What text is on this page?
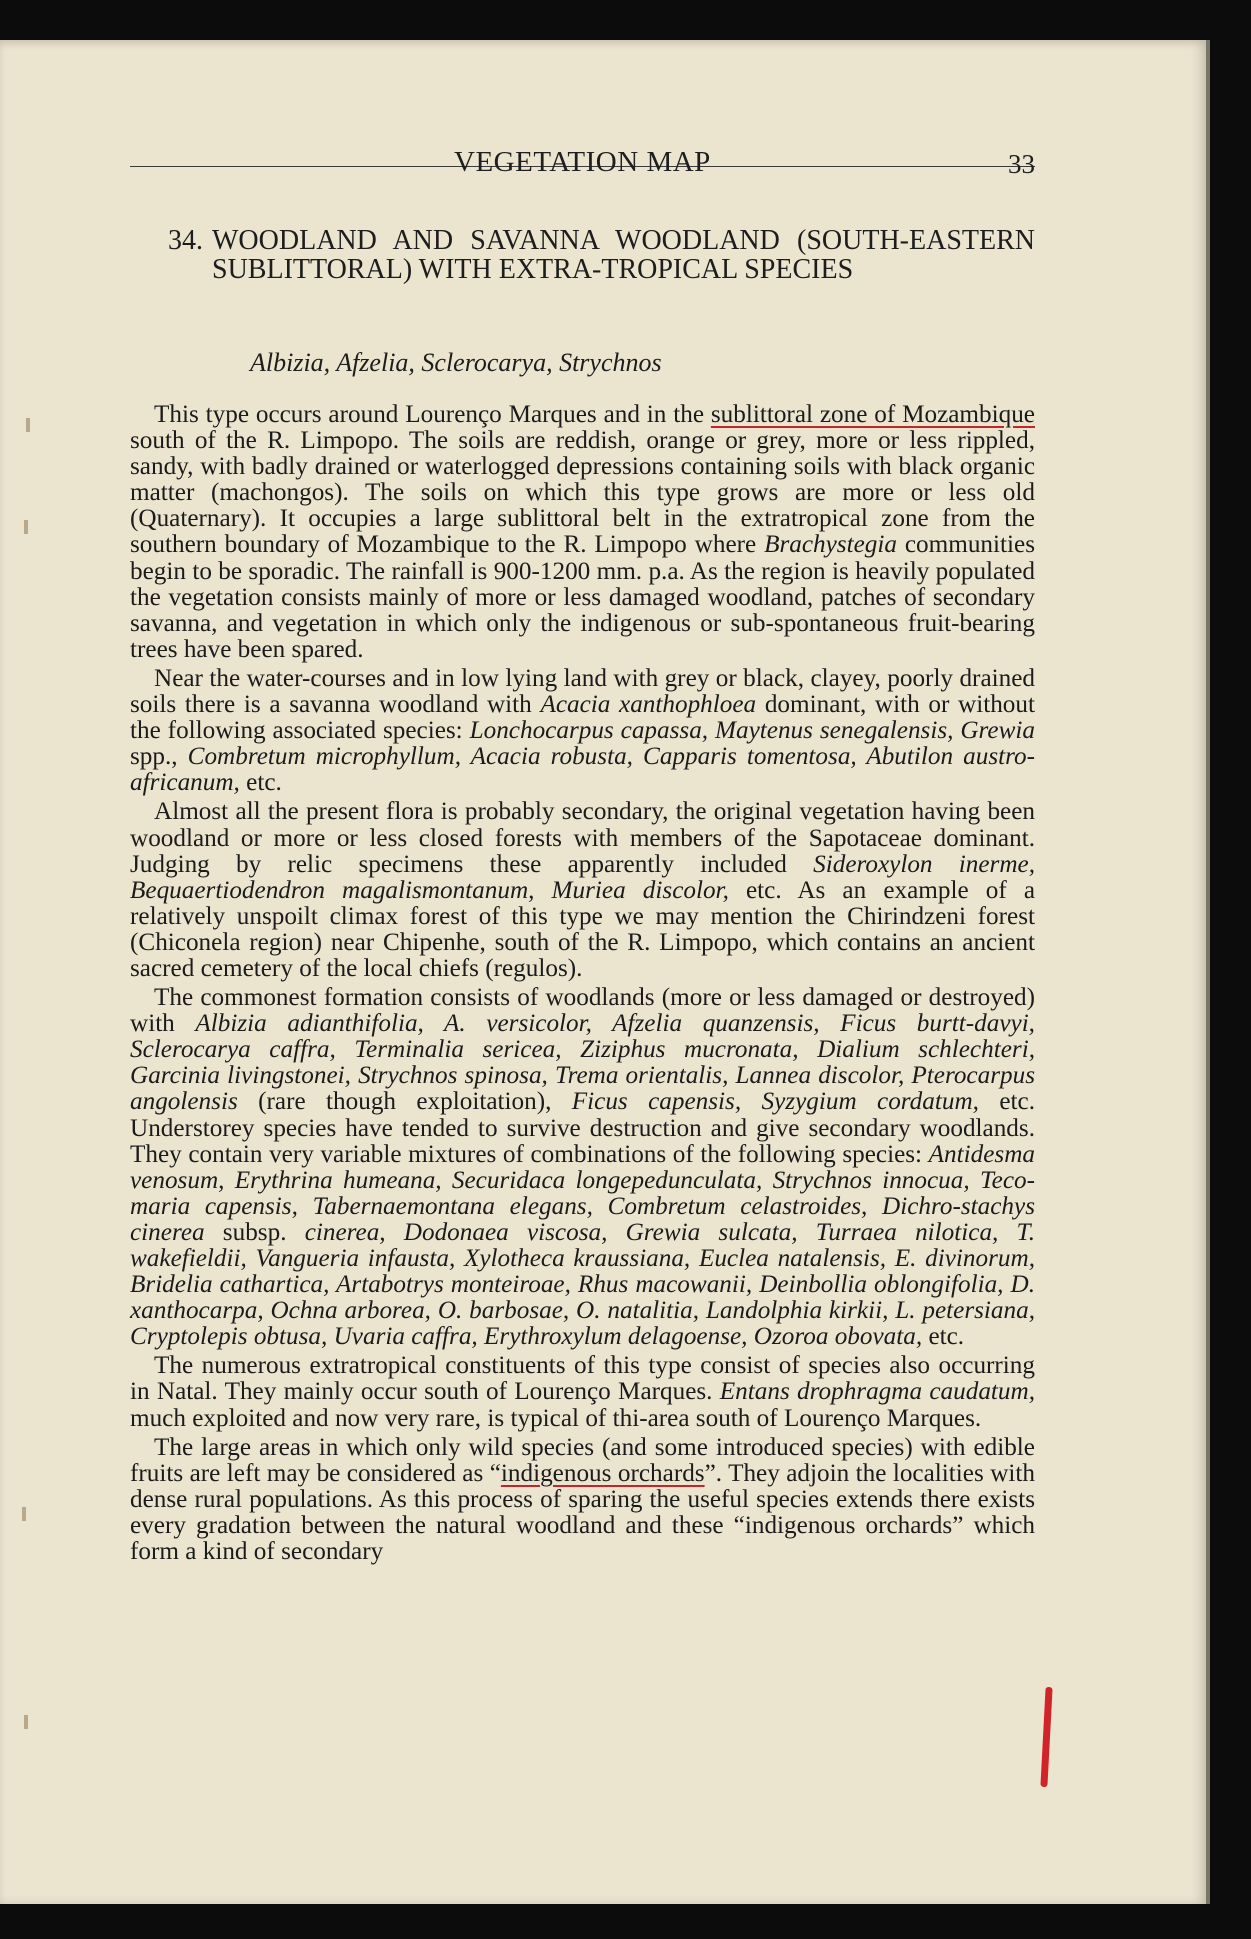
VEGETATION MAP	33
34. WOODLAND AND SAVANNA WOODLAND (SOUTH-EASTERN SUBLITTORAL) WITH EXTRA-TROPICAL SPECIES
Albizia, Afzelia, Sclerocarya, Strychnos

This type occurs around Lourenço Marques and in the sublittoral zone of Mozambique south of the R. Limpopo. The soils are reddish, orange or grey, more or less rippled, sandy, with badly drained or waterlogged depressions containing soils with black organic matter (machongos). The soils on which this type grows are more or less old (Quaternary). It occupies a large sublittoral belt in the extratropical zone from the southern boundary of Mozambique to the R. Limpopo where Brachystegia communities begin to be sporadic. The rainfall is 900-1200 mm. p.a. As the region is heavily populated the vegetation consists mainly of more or less damaged woodland, patches of secondary savanna, and vegetation in which only the indigenous or sub-spontaneous fruit-bearing trees have been spared.

Near the water-courses and in low lying land with grey or black, clayey, poorly drained soils there is a savanna woodland with Acacia xanthophloea dominant, with or without the following associated species: Lonchocarpus capassa, Maytenus senegalensis, Grewia spp., Combretum microphyllum, Acacia robusta, Capparis tomentosa, Abutilon austro-africanum, etc.

Almost all the present flora is probably secondary, the original vegetation having been woodland or more or less closed forests with members of the Sapotaceae dominant. Judging by relic specimens these apparently included Sideroxylon inerme, Bequaertiodendron magalismontanum, Muriea discolor, etc. As an example of a relatively unspoilt climax forest of this type we may mention the Chirindzeni forest (Chiconela region) near Chipenhe, south of the R. Limpopo, which contains an ancient sacred cemetery of the local chiefs (regulos).

The commonest formation consists of woodlands (more or less damaged or destroyed) with Albizia adianthifolia, A. versicolor, Afzelia quanzensis, Ficus burtt-davyi, Sclerocarya caffra, Terminalia sericea, Ziziphus mucronata, Dialium schlechteri, Garcinia livingstonei, Strychnos spinosa, Trema orientalis, Lannea discolor, Pterocarpus angolensis (rare though exploitation), Ficus capensis, Syzygium cordatum, etc. Understorey species have tended to survive destruction and give secondary woodlands. They contain very variable mixtures of combinations of the following species: Antidesma venosum, Erythrina humeana, Securidaca longepedunculata, Strychnos innocua, Teco-maria capensis, Tabernaemontana elegans, Combretum celastroides, Dichro-stachys cinerea subsp. cinerea, Dodonaea viscosa, Grewia sulcata, Turraea nilotica, T. wakefieldii, Vangueria infausta, Xylotheca kraussiana, Euclea natalensis, E. divinorum, Bridelia cathartica, Artabotrys monteiroae, Rhus macowanii, Deinbollia oblongifolia, D. xanthocarpa, Ochna arborea, O. barbosae, O. natalitia, Landolphia kirkii, L. petersiana, Cryptolepis obtusa, Uvaria caffra, Erythroxylum delagoense, Ozoroa obovata, etc.

The numerous extratropical constituents of this type consist of species also occurring in Natal. They mainly occur south of Lourenço Marques. Entans drophragma caudatum, much exploited and now very rare, is typical of thi-area south of Lourenço Marques.

The large areas in which only wild species (and some introduced species) with edible fruits are left may be considered as “indigenous orchards”. They adjoin the localities with dense rural populations. As this process of sparing the useful species extends there exists every gradation between the natural woodland and these “indigenous orchards” which form a kind of secondary
